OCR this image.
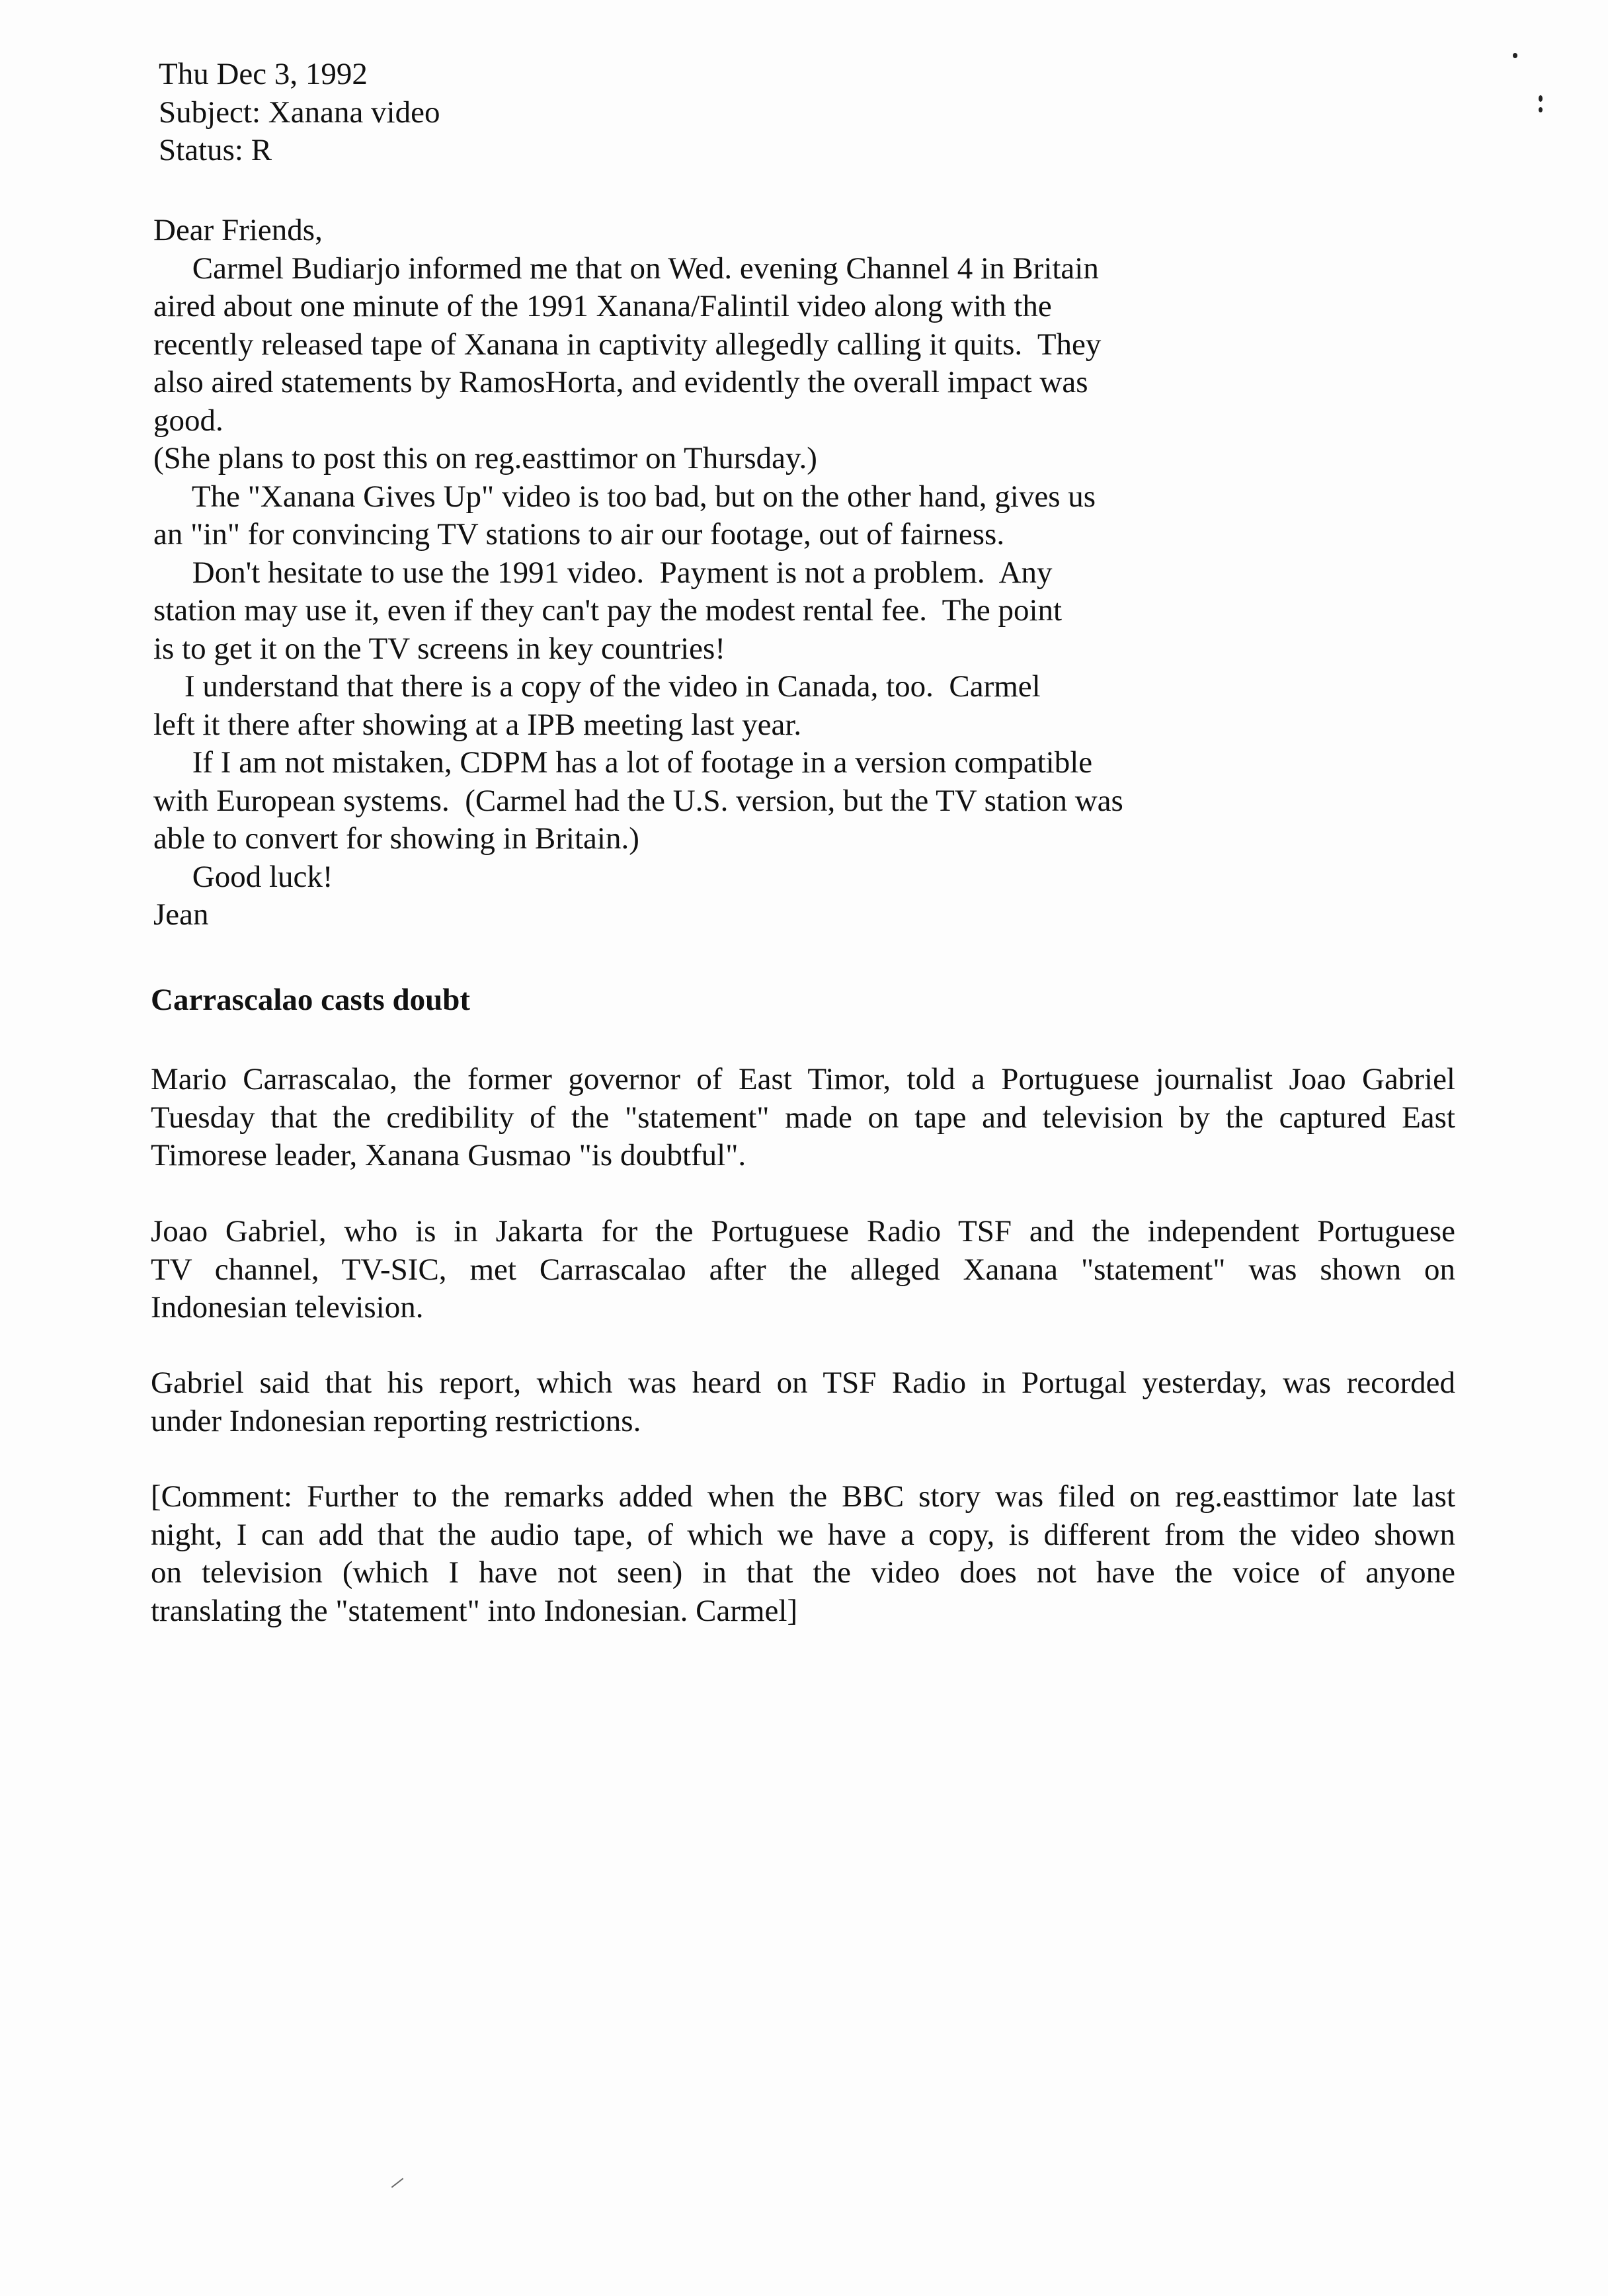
Thu Dec 3, 1992
Subject: Xanana video
Status: R
Dear Friends,
Carmel Budiarjo informed me that on Wed. evening Channel 4 in Britain
aired about one minute of the 1991 Xanana/Falintil video along with the
recently released tape of Xanana in captivity allegedly calling it quits.  They
also aired statements by RamosHorta, and evidently the overall impact was
good.
(She plans to post this on reg.easttimor on Thursday.)
The "Xanana Gives Up" video is too bad, but on the other hand, gives us
an "in" for convincing TV stations to air our footage, out of fairness.
Don't hesitate to use the 1991 video.  Payment is not a problem.  Any
station may use it, even if they can't pay the modest rental fee.  The point
is to get it on the TV screens in key countries!
I understand that there is a copy of the video in Canada, too.  Carmel
left it there after showing at a IPB meeting last year.
If I am not mistaken, CDPM has a lot of footage in a version compatible
with European systems.  (Carmel had the U.S. version, but the TV station was
able to convert for showing in Britain.)
Good luck!
Jean
Carrascalao casts doubt
Mario Carrascalao, the former governor of East Timor, told a Portuguese journalist Joao Gabriel
Tuesday that the credibility of the "statement" made on tape and television by the captured East
Timorese leader, Xanana Gusmao "is doubtful".
Joao Gabriel, who is in Jakarta for the Portuguese Radio TSF and the independent Portuguese
TV channel, TV-SIC, met Carrascalao after the alleged Xanana "statement" was shown on
Indonesian television.
Gabriel said that his report, which was heard on TSF Radio in Portugal yesterday, was recorded
under Indonesian reporting restrictions.
[Comment: Further to the remarks added when the BBC story was filed on reg.easttimor late last
night, I can add that the audio tape, of which we have a copy, is different from the video shown
on television (which I have not seen) in that the video does not have the voice of anyone
translating the "statement" into Indonesian. Carmel]
